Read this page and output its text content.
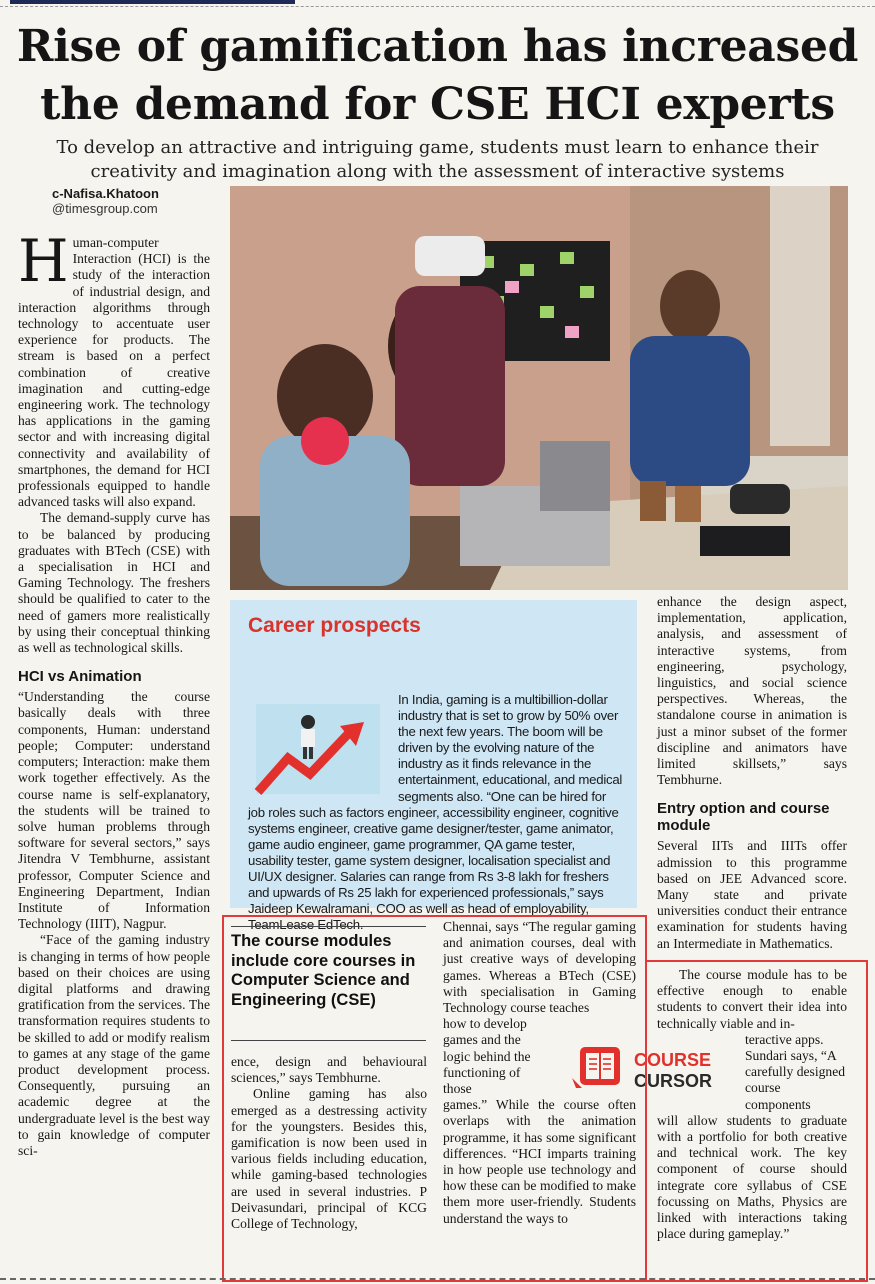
Rise of gamification has increased
the demand for CSE HCI experts
To develop an attractive and intriguing game, students must learn to enhance their
creativity and imagination along with the assessment of interactive systems
c-Nafisa.Khatoon
@timesgroup.com

Human-computer Interaction (HCI) is the study of the interaction of industrial design, and interaction algorithms through technology to accentuate user experience for products. The stream is based on a perfect combination of creative imagination and cutting-edge engineering work. The technology has applications in the gaming sector and with increasing digital connectivity and availability of smartphones, the demand for HCI professionals equipped to handle advanced tasks will also expand.

The demand-supply curve has to be balanced by producing graduates with BTech (CSE) with a specialisation in HCI and Gaming Technology. The freshers should be qualified to cater to the need of gamers more realistically by using their conceptual thinking as well as technological skills.

HCI vs Animation

“Understanding the course basically deals with three components, Human: understand people; Computer: understand computers; Interaction: make them work together effectively. As the course name is self-explanatory, the students will be trained to solve human problems through software for several sectors,” says Jitendra V Tembhurne, assistant professor, Computer Science and Engineering Department, Indian Institute of Information Technology (IIIT), Nagpur.

“Face of the gaming industry is changing in terms of how people based on their choices are using digital platforms and drawing gratification from the services. The transformation requires students to be skilled to add or modify realism to games at any stage of the game product development process. Consequently, pursuing an academic degree at the undergraduate level is the best way to gain knowledge of computer sci-

Career prospects
In India, gaming is a multibillion-dollar industry that is set to grow by 50% over the next few years. The boom will be driven by the evolving nature of the industry as it finds relevance in the entertainment, educational, and medical segments also. “One can be hired for job roles such as factors engineer, accessibility engineer, cognitive systems engineer, creative game designer/tester, game animator, game audio engineer, game programmer, QA game tester, usability tester, game system designer, localisation specialist and UI/UX designer. Salaries can range from Rs 3-8 lakh for freshers and upwards of Rs 25 lakh for experienced professionals,” says Jaideep Kewalramani, COO as well as head of employability, TeamLease EdTech.
The course modules include core courses in Computer Science and Engineering (CSE)

ence, design and behavioural sciences,” says Tembhurne.

Online gaming has also emerged as a destressing activity for the youngsters. Besides this, gamification is now been used in various fields including education, while gaming-based technologies are used in several industries. P Deivasundari, principal of KCG College of Technology,

Chennai, says “The regular gaming and animation courses, deal with just creative ways of developing games. Whereas a BTech (CSE) with specialisation in Gaming Technology course teaches

how to develop games and the logic behind the functioning of those

games.” While the course often overlaps with the animation programme, it has some significant differences. “HCI imparts training in how people use technology and how these can be modified to make them more user-friendly. Students understand the ways to

COURSE
CURSOR

enhance the design aspect, implementation, application, analysis, and assessment of interactive systems, from engineering, psychology, linguistics, and social science perspectives. Whereas, the standalone course in animation is just a minor subset of the former discipline and animators have limited skillsets,” says Tembhurne.

Entry option and course module

Several IITs and IIITs offer admission to this programme based on JEE Advanced score. Many state and private universities conduct their entrance examination for students having an Intermediate in Mathematics.

The course module has to be effective enough to enable students to convert their idea into technically viable and in-

teractive apps. Sundari says, “A carefully designed course components

will allow students to graduate with a portfolio for both creative and technical work. The key component of course should integrate core syllabus of CSE focussing on Maths, Physics are linked with interactions taking place during gameplay.”
